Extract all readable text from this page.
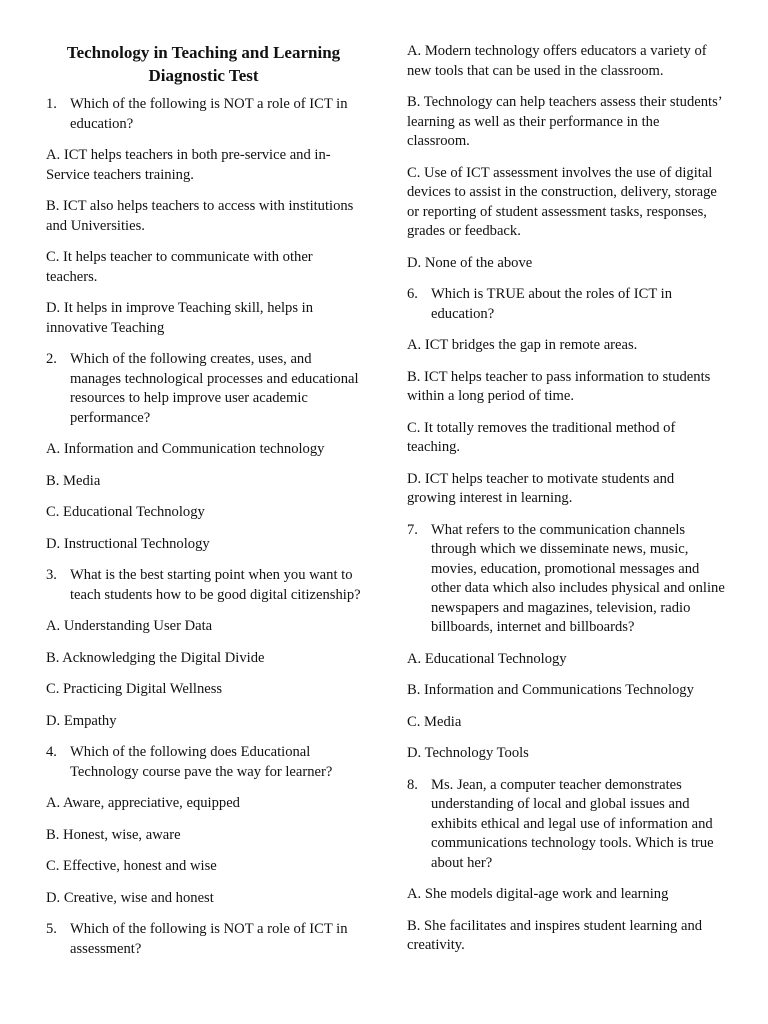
Technology in Teaching and Learning Diagnostic Test
1. Which of the following is NOT a role of ICT in education?
A. ICT helps teachers in both pre-service and in-Service teachers training.
B. ICT also helps teachers to access with institutions and Universities.
C. It helps teacher to communicate with other teachers.
D. It helps in improve Teaching skill, helps in innovative Teaching
2. Which of the following creates, uses, and manages technological processes and educational resources to help improve user academic performance?
A. Information and Communication technology
B. Media
C. Educational Technology
D. Instructional Technology
3. What is the best starting point when you want to teach students how to be good digital citizenship?
A. Understanding User Data
B. Acknowledging the Digital Divide
C. Practicing Digital Wellness
D. Empathy
4. Which of the following does Educational Technology course pave the way for learner?
A. Aware, appreciative, equipped
B. Honest, wise, aware
C. Effective, honest and wise
D. Creative, wise and honest
5. Which of the following is NOT a role of ICT in assessment?
A. Modern technology offers educators a variety of new tools that can be used in the classroom.
B. Technology can help teachers assess their students’ learning as well as their performance in the classroom.
C. Use of ICT assessment involves the use of digital devices to assist in the construction, delivery, storage or reporting of student assessment tasks, responses, grades or feedback.
D. None of the above
6. Which is TRUE about the roles of ICT in education?
A. ICT bridges the gap in remote areas.
B. ICT helps teacher to pass information to students within a long period of time.
C. It totally removes the traditional method of teaching.
D. ICT helps teacher to motivate students and growing interest in learning.
7. What refers to the communication channels through which we disseminate news, music, movies, education, promotional messages and other data which also includes physical and online newspapers and magazines, television, radio billboards, internet and billboards?
A. Educational Technology
B. Information and Communications Technology
C. Media
D. Technology Tools
8. Ms. Jean, a computer teacher demonstrates understanding of local and global issues and exhibits ethical and legal use of information and communications technology tools. Which is true about her?
A. She models digital-age work and learning
B. She facilitates and inspires student learning and creativity.
